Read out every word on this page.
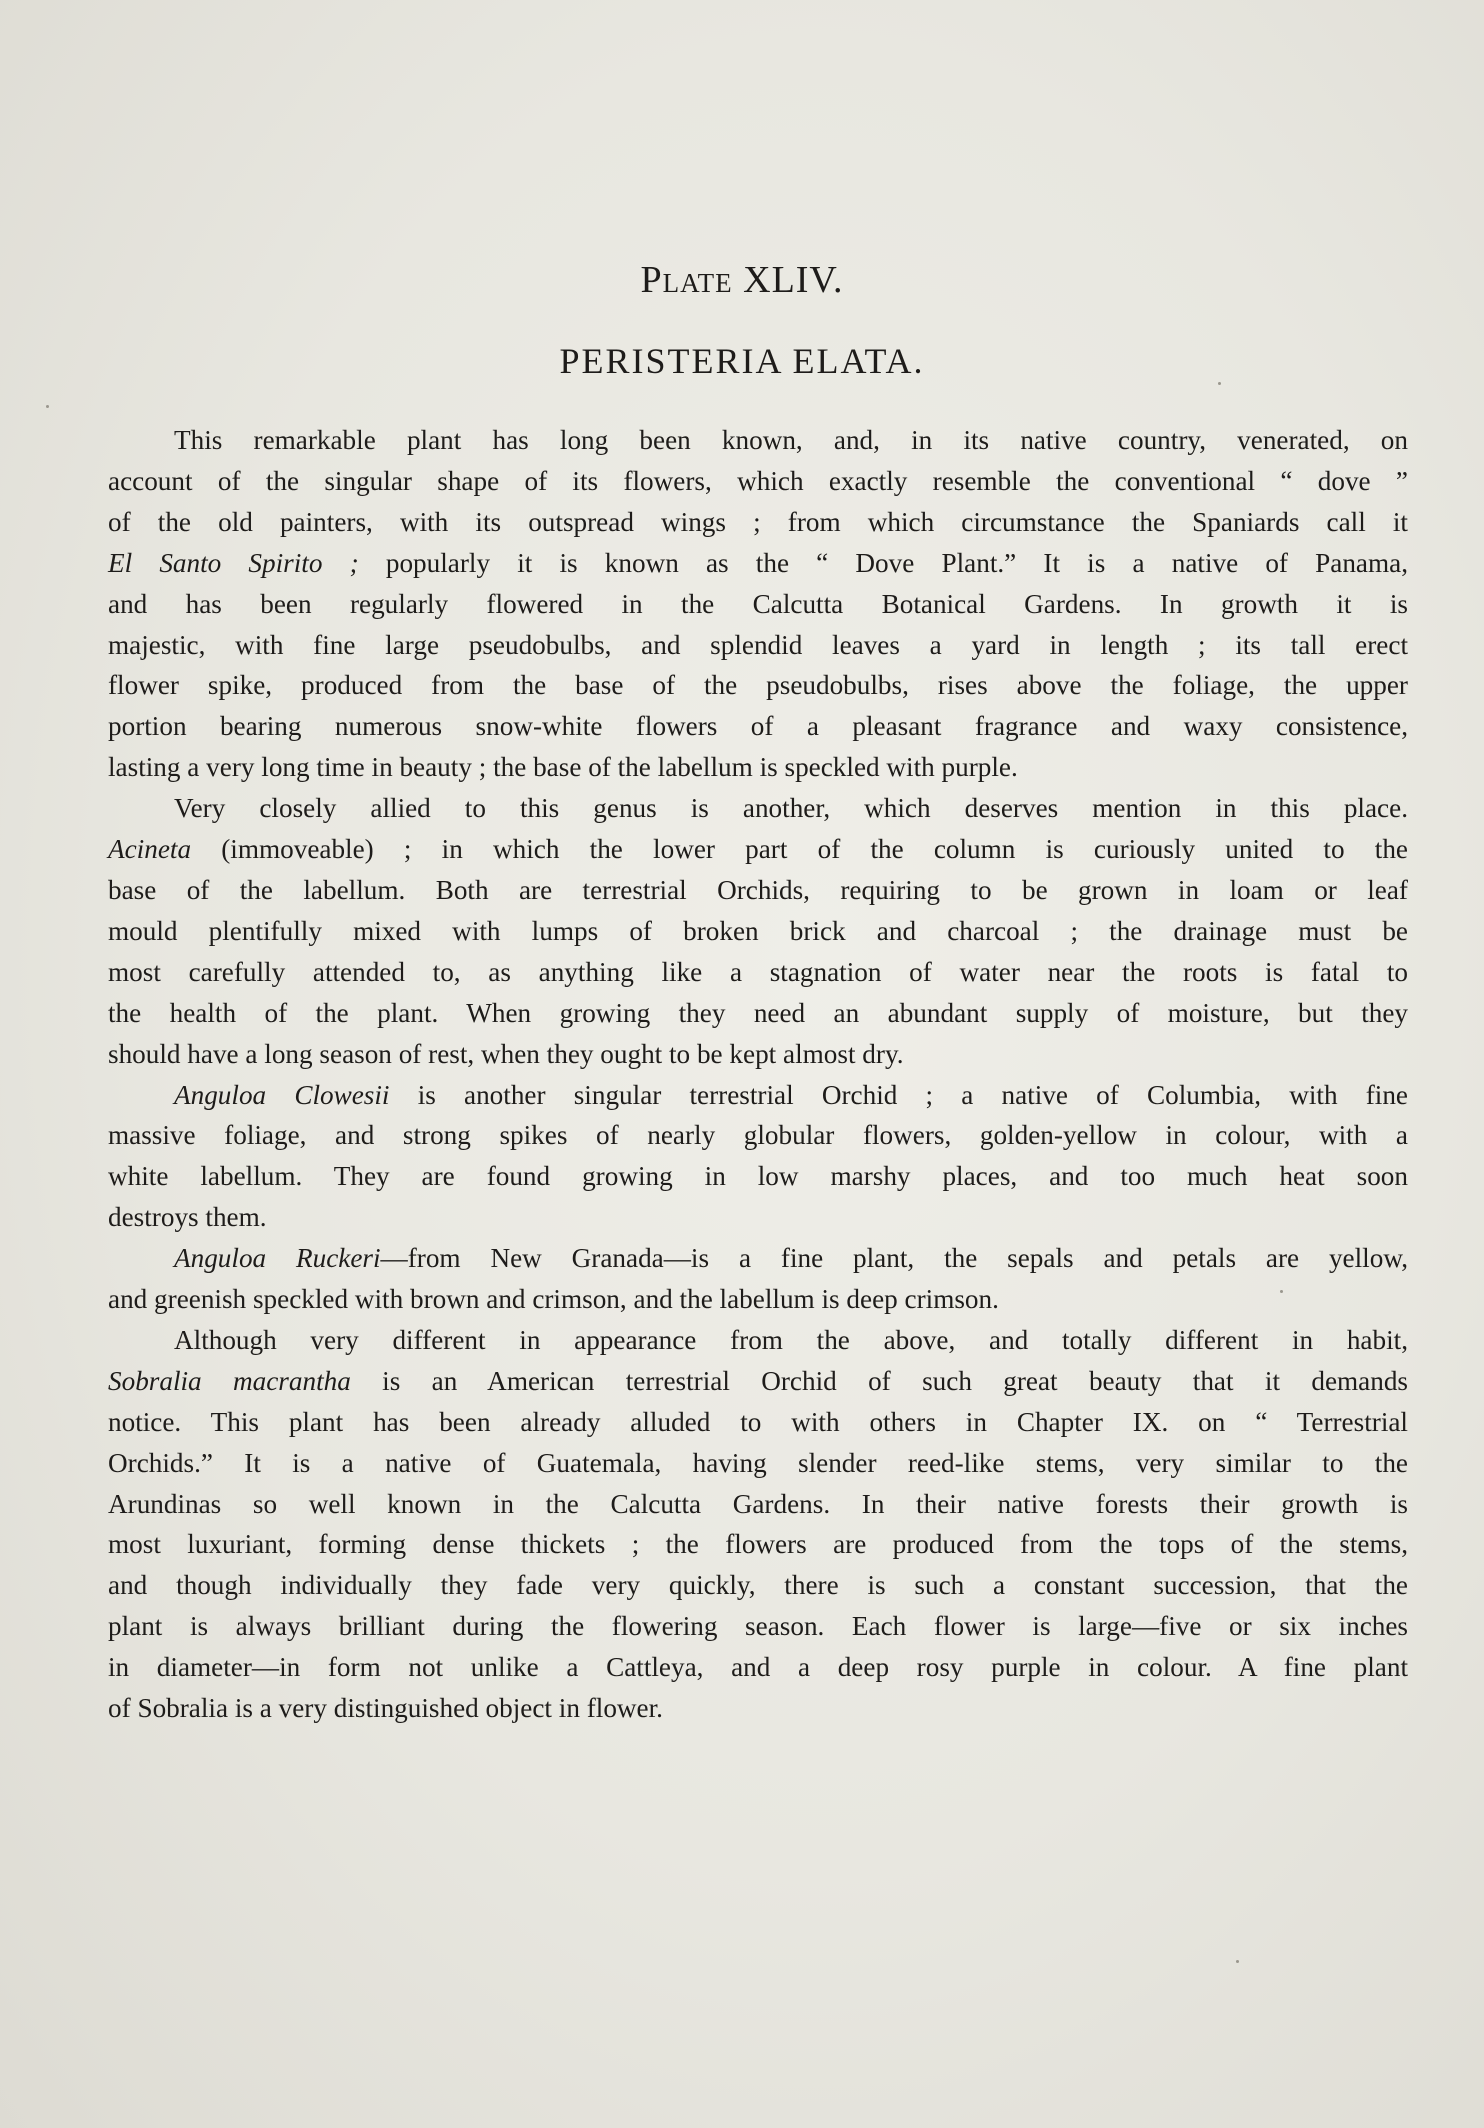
Plate XLIV.
PERISTERIA ELATA.

This remarkable plant has long been known, and, in its native country, venerated, on
account of the singular shape of its flowers, which exactly resemble the conventional “ dove ”
of the old painters, with its outspread wings ; from which circumstance the Spaniards call it
El Santo Spirito ; popularly it is known as the “ Dove Plant.” It is a native of Panama,
and has been regularly flowered in the Calcutta Botanical Gardens. In growth it is
majestic, with fine large pseudobulbs, and splendid leaves a yard in length ; its tall erect
flower spike, produced from the base of the pseudobulbs, rises above the foliage, the upper
portion bearing numerous snow-white flowers of a pleasant fragrance and waxy consistence,
lasting a very long time in beauty ; the base of the labellum is speckled with purple.

Very closely allied to this genus is another, which deserves mention in this place.
Acineta (immoveable) ; in which the lower part of the column is curiously united to the
base of the labellum. Both are terrestrial Orchids, requiring to be grown in loam or leaf
mould plentifully mixed with lumps of broken brick and charcoal ; the drainage must be
most carefully attended to, as anything like a stagnation of water near the roots is fatal to
the health of the plant. When growing they need an abundant supply of moisture, but they
should have a long season of rest, when they ought to be kept almost dry.

Anguloa Clowesii is another singular terrestrial Orchid ; a native of Columbia, with fine
massive foliage, and strong spikes of nearly globular flowers, golden-yellow in colour, with a
white labellum. They are found growing in low marshy places, and too much heat soon
destroys them.

Anguloa Ruckeri—from New Granada—is a fine plant, the sepals and petals are yellow,
and greenish speckled with brown and crimson, and the labellum is deep crimson.

Although very different in appearance from the above, and totally different in habit,
Sobralia macrantha is an American terrestrial Orchid of such great beauty that it demands
notice. This plant has been already alluded to with others in Chapter IX. on “ Terrestrial
Orchids.” It is a native of Guatemala, having slender reed-like stems, very similar to the
Arundinas so well known in the Calcutta Gardens. In their native forests their growth is
most luxuriant, forming dense thickets ; the flowers are produced from the tops of the stems,
and though individually they fade very quickly, there is such a constant succession, that the
plant is always brilliant during the flowering season. Each flower is large—five or six inches
in diameter—in form not unlike a Cattleya, and a deep rosy purple in colour. A fine plant
of Sobralia is a very distinguished object in flower.
